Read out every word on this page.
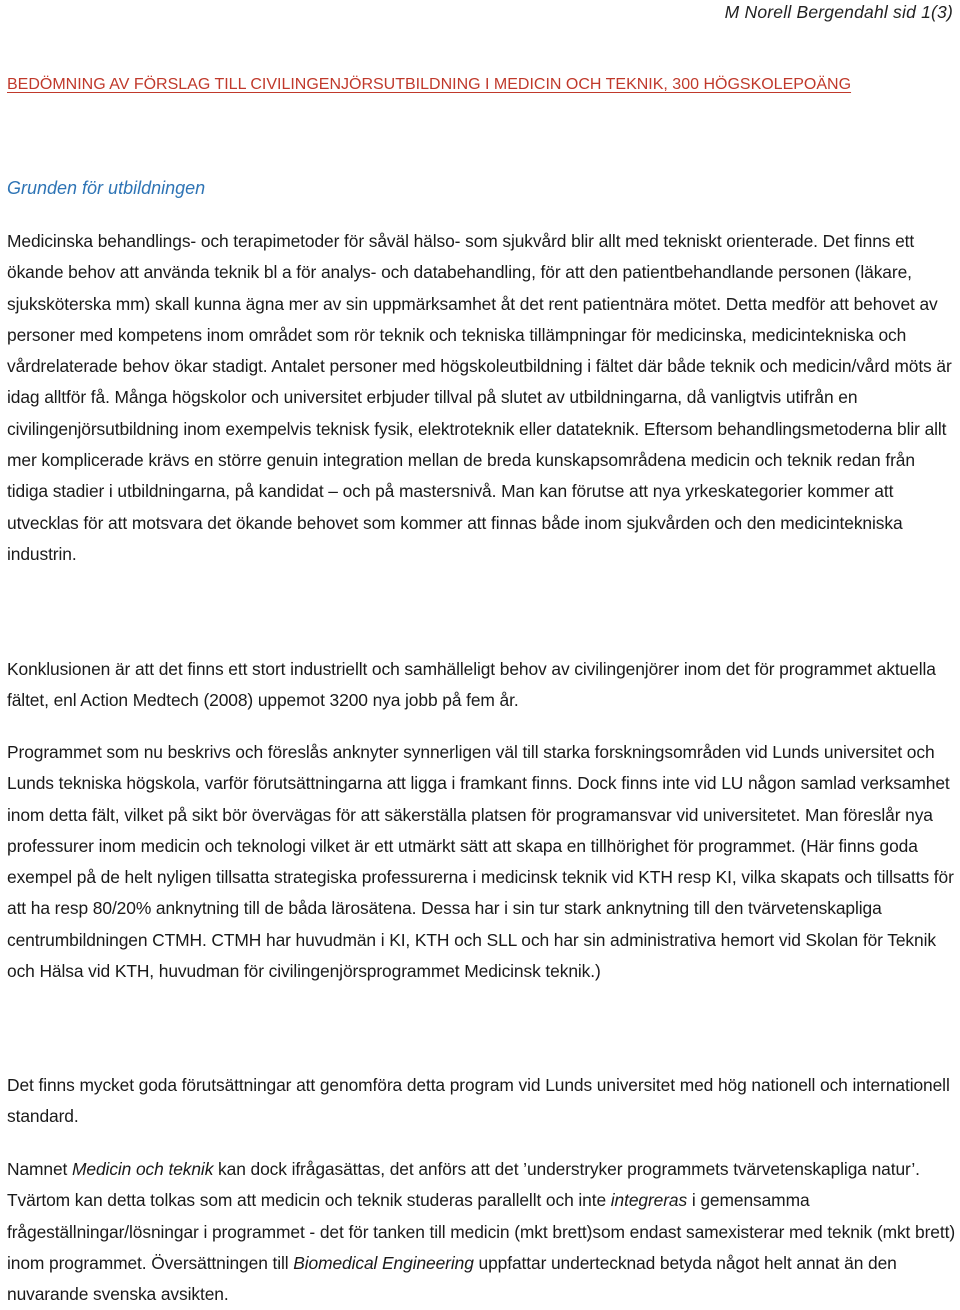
M Norell Bergendahl sid 1(3)
BEDÖMNING AV FÖRSLAG TILL CIVILINGENJÖRSUTBILDNING I MEDICIN OCH TEKNIK, 300 HÖGSKOLEPOÄNG
Grunden för utbildningen

Medicinska behandlings- och terapimetoder för såväl hälso- som sjukvård blir allt med tekniskt orienterade. Det finns ett ökande behov att använda teknik bl a för analys- och databehandling, för att den patientbehandlande personen (läkare, sjuksköterska mm) skall kunna ägna mer av sin uppmärksamhet åt det rent patientnära mötet. Detta medför att behovet av personer med kompetens inom området som rör teknik och tekniska tillämpningar för medicinska, medicintekniska och vårdrelaterade behov ökar stadigt. Antalet personer med högskoleutbildning i fältet där både teknik och medicin/vård möts är idag alltför få. Många högskolor och universitet erbjuder tillval på slutet av utbildningarna, då vanligtvis utifrån en civilingenjörsutbildning inom exempelvis teknisk fysik, elektroteknik eller datateknik. Eftersom behandlingsmetoderna blir allt mer komplicerade krävs en större genuin integration mellan de breda kunskapsområdena medicin och teknik redan från tidiga stadier i utbildningarna, på kandidat – och på mastersnivå. Man kan förutse att nya yrkeskategorier kommer att utvecklas för att motsvara det ökande behovet som kommer att finnas både inom sjukvården och den medicintekniska industrin.

Konklusionen är att det finns ett stort industriellt och samhälleligt behov av civilingenjörer inom det för programmet aktuella fältet, enl Action Medtech (2008) uppemot 3200 nya jobb på fem år.

Programmet som nu beskrivs och föreslås anknyter synnerligen väl till starka forskningsområden vid Lunds universitet och Lunds tekniska högskola, varför förutsättningarna att ligga i framkant finns. Dock finns inte vid LU någon samlad verksamhet inom detta fält, vilket på sikt bör övervägas för att säkerställa platsen för programansvar vid universitetet. Man föreslår nya professurer inom medicin och teknologi vilket är ett utmärkt sätt att skapa en tillhörighet för programmet. (Här finns goda exempel på de helt nyligen tillsatta strategiska professurerna i medicinsk teknik vid KTH resp KI, vilka skapats och tillsatts för att ha resp 80/20% anknytning till de båda lärosätena. Dessa har i sin tur stark anknytning till den tvärvetenskapliga centrumbildningen CTMH. CTMH har huvudmän i KI, KTH och SLL och har sin administrativa hemort vid Skolan för Teknik och Hälsa vid KTH, huvudman för civilingenjörsprogrammet Medicinsk teknik.)

Det finns mycket goda förutsättningar att genomföra detta program vid Lunds universitet med hög nationell och internationell standard.

Namnet Medicin och teknik kan dock ifrågasättas, det anförs att det ’understryker programmets tvärvetenskapliga natur’. Tvärtom kan detta tolkas som att medicin och teknik studeras parallellt och inte integreras i gemensamma frågeställningar/lösningar i programmet - det för tanken till medicin (mkt brett)som endast samexisterar med teknik (mkt brett) inom programmet. Översättningen till Biomedical Engineering uppfattar undertecknad betyda något helt annat än den nuvarande svenska avsikten.
